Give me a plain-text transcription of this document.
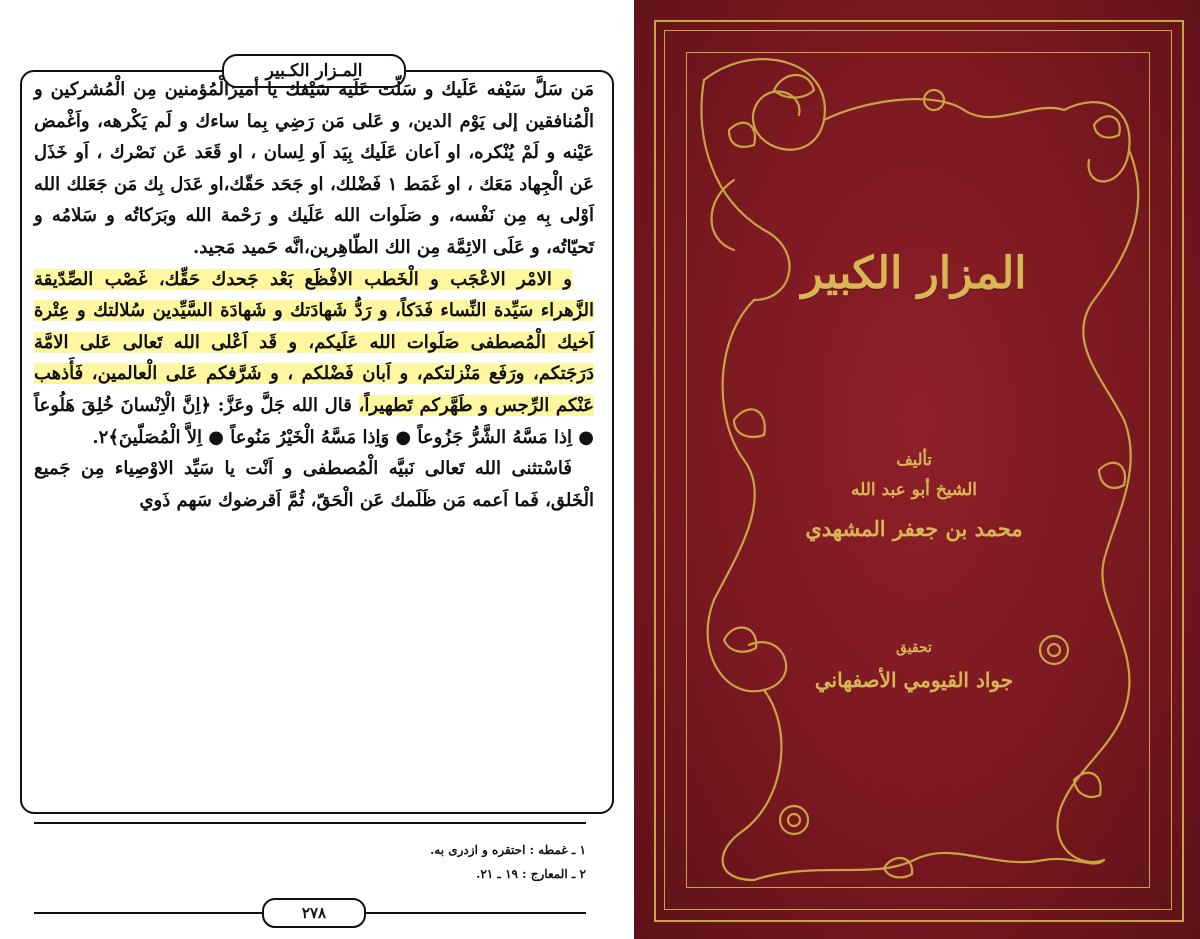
المـزار الكـبير

مَن سَلَّ سَيْفه عَلَيك و سَلّت عَلَيه سَيْفك يا أميرَالْمُؤمنين مِن الْمُشركين و الْمُنافقين إلى يَوْم الدين، و عَلى مَن رَضِي بِما ساءك و لَم يَكْرهه، واَغْمض عَيْنه و لَمْ يُنْكره، او اَعان عَلَيك بِيَد اَو لِسان ، او قَعَد عَن نَصْرك ، اَو خَذَل عَن الْجِهاد مَعَك ، او غَمَط ١ فَضْلك، او جَحَد حَقّك،او عَدَل بِك مَن جَعَلك الله اَوْلى بِه مِن نَفْسه، و صَلَوات الله عَلَيك و رَحْمة الله وبَرَكاتُه و سَلامُه و تَحيّاتُه، و عَلَى الائِمَّة مِن الك الطّاهِرين،انَّه حَميد مَجيد.

و الامْر الاعْجَب و الْخَطب الافْظَع بَعْد جَحدك حَقِّك، غَصْب الصِّدّيقة الزَّهراء سَيِّدة النِّساء فَدَكاً، و رَدُّ شَهادَتك و شَهادَة السَّيِّدين سُلالتك و عِتْرة اَخيك الْمُصطفى صَلَوات الله عَلَيكم، و قَد اَعْلى الله تَعالى عَلى الامَّة دَرَجَتكم، ورَفَع مَنْزلتكم، و اَبان فَضْلكم ، و شَرَّفكم عَلى الْعالمين، فَأَذهب عَنْكم الرِّجس و طَهَّركم تَطهيراً، قال الله جَلَّ وعَزَّ: ﴿اِنَّ الْاِنْسانَ خُلِقَ هَلُوعاً ● اِذا مَسَّهُ الشَّرُّ جَزُوعاً ● وَاِذا مَسَّهُ الْخَيْرُ مَنُوعاً ● اِلاَّ الْمُصَلّينَ﴾٢.

فَاسْتثنى الله تَعالى نَبيَّه الْمُصطفى و اَنْت يا سَيِّد الاوْصِياء مِن جَميع الْخَلق، فَما اَعمه مَن ظَلَمك عَن الْحَقّ، ثُمَّ اَقرضوك سَهم ذَوي

١ ـ غمطه : احتقره و ازدرى به.
٢ ـ المعارج : ١٩ ـ ٢١.
٢٧٨
المزار الكبير
تأليف
الشيخ أبو عبد الله
محمد بن جعفر المشهدي
تحقيق
جواد القيومي الأصفهاني
